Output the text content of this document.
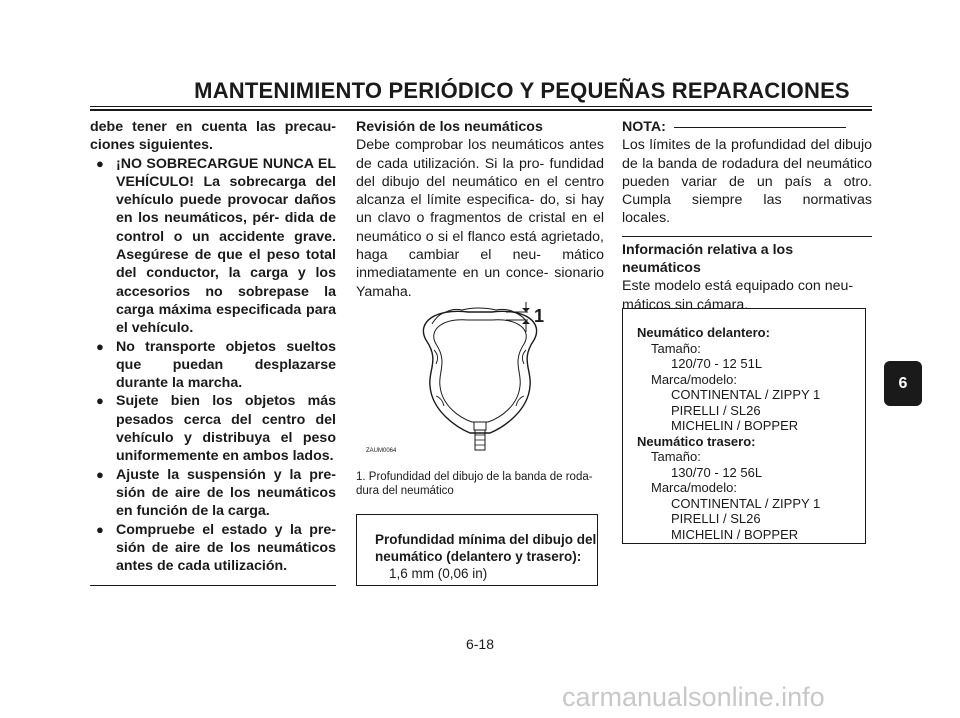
MANTENIMIENTO PERIÓDICO Y PEQUEÑAS REPARACIONES
debe tener en cuenta las precau- ciones siguientes.
● ¡NO SOBRECARGUE NUNCA EL VEHÍCULO! La sobrecarga del vehículo puede provocar daños en los neumáticos, pér- dida de control o un accidente grave. Asegúrese de que el peso total del conductor, la carga y los accesorios no sobrepase la carga máxima especificada para el vehículo.
● No transporte objetos sueltos que puedan desplazarse durante la marcha.
● Sujete bien los objetos más pesados cerca del centro del vehículo y distribuya el peso uniformemente en ambos lados.
● Ajuste la suspensión y la pre- sión de aire de los neumáticos en función de la carga.
● Compruebe el estado y la pre- sión de aire de los neumáticos antes de cada utilización.
Revisión de los neumáticos
Debe comprobar los neumáticos antes de cada utilización. Si la pro- fundidad del dibujo del neumático en el centro alcanza el límite especifica- do, si hay un clavo o fragmentos de cristal en el neumático o si el flanco está agrietado, haga cambiar el neu- mático inmediatamente en un conce- sionario Yamaha.
1
ZAUM0064
1. Profundidad del dibujo de la banda de roda- dura del neumático
Profundidad mínima del dibujo del neumático (delantero y trasero):
1,6 mm (0,06 in)
NOTA:
Los límites de la profundidad del dibujo de la banda de rodadura del neumático pueden variar de un país a otro. Cumpla siempre las normativas locales.
Información relativa a los neumáticos
Este modelo está equipado con neu- máticos sin cámara.
Neumático delantero:
Tamaño:
120/70 - 12 51L
Marca/modelo:
CONTINENTAL / ZIPPY 1
PIRELLI / SL26
MICHELIN / BOPPER
Neumático trasero:
Tamaño:
130/70 - 12 56L
Marca/modelo:
CONTINENTAL / ZIPPY 1
PIRELLI / SL26
MICHELIN / BOPPER
6
6-18
carmanualsonline.info
